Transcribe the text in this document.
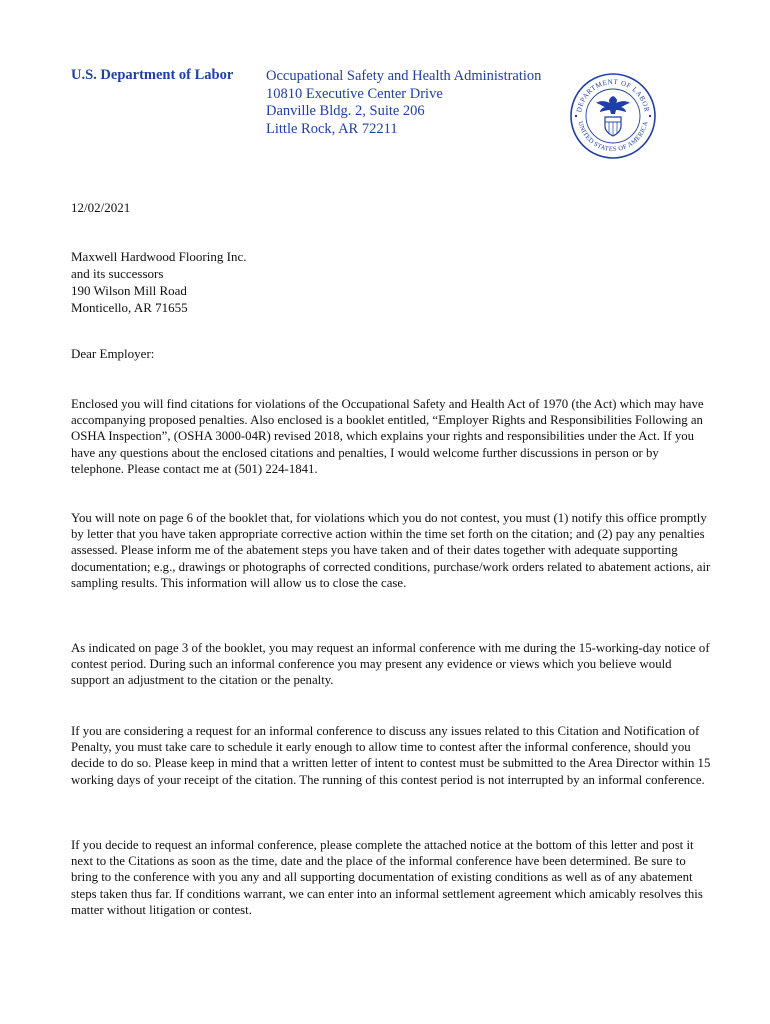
U.S. Department of Labor Occupational Safety and Health Administration
10810 Executive Center Drive
Danville Bldg. 2, Suite 206
Little Rock, AR 72211
DEPARTMENT OF LABOR
UNITED STATES OF AMERICA
12/02/2021
Maxwell Hardwood Flooring Inc.
and its successors
190 Wilson Mill Road
Monticello, AR 71655
Dear Employer:

Enclosed you will find citations for violations of the Occupational Safety and Health Act of 1970 (the Act) which may have accompanying proposed penalties. Also enclosed is a booklet entitled, “Employer Rights and Responsibilities Following an OSHA Inspection”, (OSHA 3000-04R) revised 2018, which explains your rights and responsibilities under the Act. If you have any questions about the enclosed citations and penalties, I would welcome further discussions in person or by telephone. Please contact me at (501) 224-1841.

You will note on page 6 of the booklet that, for violations which you do not contest, you must (1) notify this office promptly by letter that you have taken appropriate corrective action within the time set forth on the citation; and (2) pay any penalties assessed. Please inform me of the abatement steps you have taken and of their dates together with adequate supporting documentation; e.g., drawings or photographs of corrected conditions, purchase/work orders related to abatement actions, air sampling results. This information will allow us to close the case.

As indicated on page 3 of the booklet, you may request an informal conference with me during the 15-working-day notice of contest period. During such an informal conference you may present any evidence or views which you believe would support an adjustment to the citation or the penalty.

If you are considering a request for an informal conference to discuss any issues related to this Citation and Notification of Penalty, you must take care to schedule it early enough to allow time to contest after the informal conference, should you decide to do so. Please keep in mind that a written letter of intent to contest must be submitted to the Area Director within 15 working days of your receipt of the citation. The running of this contest period is not interrupted by an informal conference.

If you decide to request an informal conference, please complete the attached notice at the bottom of this letter and post it next to the Citations as soon as the time, date and the place of the informal conference have been determined. Be sure to bring to the conference with you any and all supporting documentation of existing conditions as well as of any abatement steps taken thus far. If conditions warrant, we can enter into an informal settlement agreement which amicably resolves this matter without litigation or contest.
